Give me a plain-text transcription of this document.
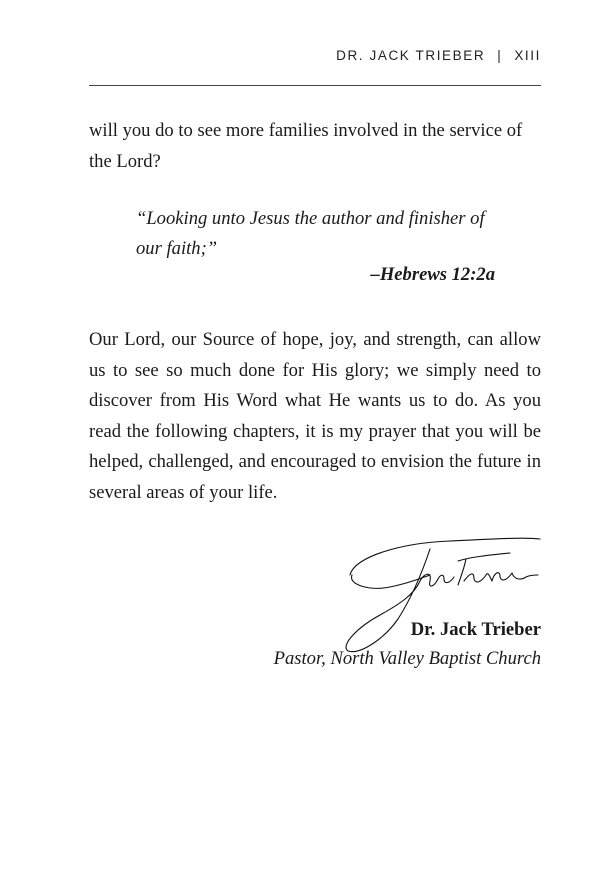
DR. JACK TRIEBER | XIII

will you do to see more families involved in the service of the Lord?

“Looking unto Jesus the author and finisher of our faith;”

–Hebrews 12:2a

Our Lord, our Source of hope, joy, and strength, can allow us to see so much done for His glory; we simply need to discover from His Word what He wants us to do. As you read the following chapters, it is my prayer that you will be helped, challenged, and encouraged to envision the future in several areas of your life.

Dr. Jack Trieber
Pastor, North Valley Baptist Church
